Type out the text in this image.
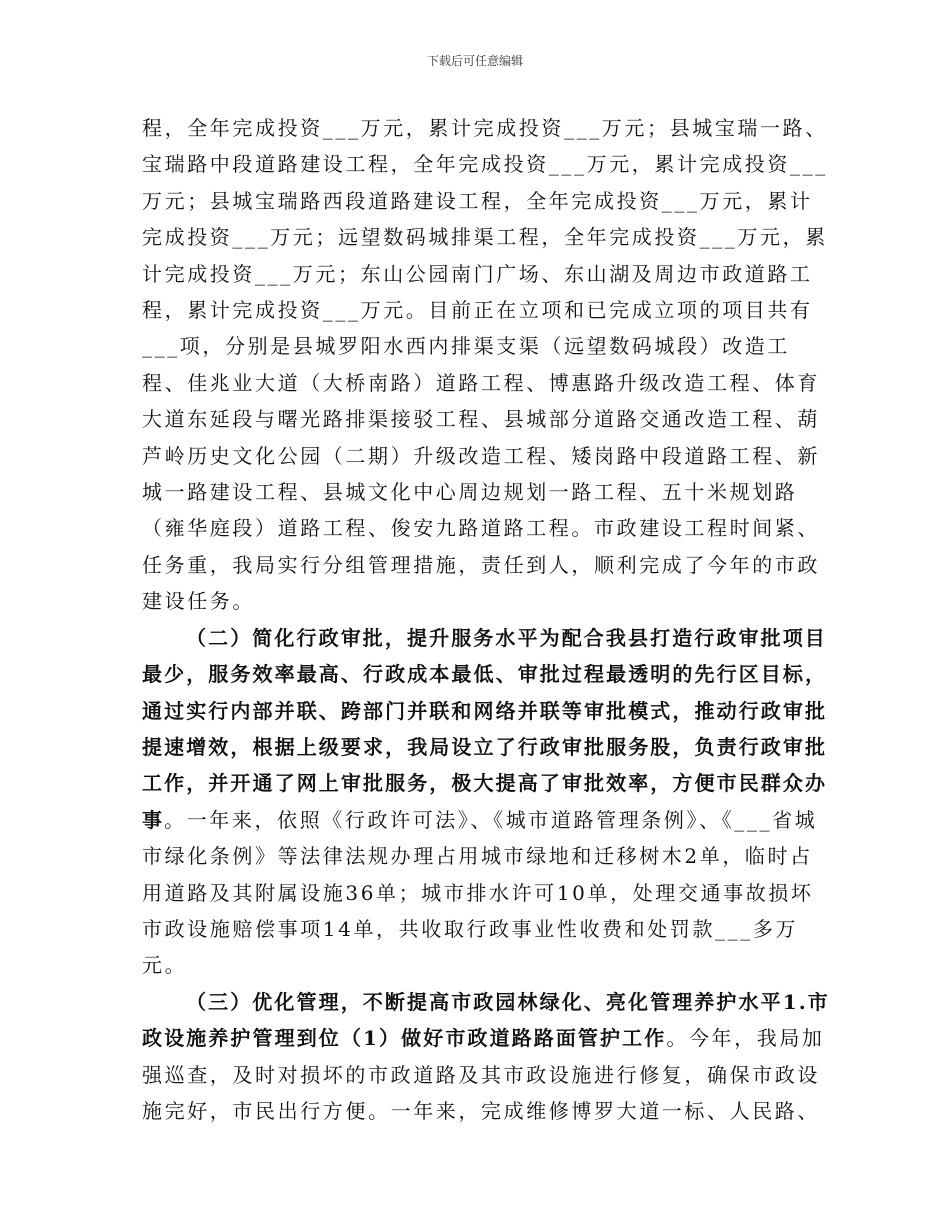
下载后可任意编辑

程，全年完成投资___万元，累计完成投资___万元；县城宝瑞一路、宝瑞路中段道路建设工程，全年完成投资___万元，累计完成投资___万元；县城宝瑞路西段道路建设工程，全年完成投资___万元，累计完成投资___万元；远望数码城排渠工程，全年完成投资___万元，累计完成投资___万元；东山公园南门广场、东山湖及周边市政道路工程，累计完成投资___万元。目前正在立项和已完成立项的项目共有___项，分别是县城罗阳水西内排渠支渠（远望数码城段）改造工程、佳兆业大道（大桥南路）道路工程、博惠路升级改造工程、体育大道东延段与曙光路排渠接驳工程、县城部分道路交通改造工程、葫芦岭历史文化公园（二期）升级改造工程、矮岗路中段道路工程、新城一路建设工程、县城文化中心周边规划一路工程、五十米规划路（雍华庭段）道路工程、俊安九路道路工程。市政建设工程时间紧、任务重，我局实行分组管理措施，责任到人，顺利完成了今年的市政建设任务。

（二）简化行政审批，提升服务水平为配合我县打造行政审批项目最少，服务效率最高、行政成本最低、审批过程最透明的先行区目标，通过实行内部并联、跨部门并联和网络并联等审批模式，推动行政审批提速增效，根据上级要求，我局设立了行政审批服务股，负责行政审批工作，并开通了网上审批服务，极大提高了审批效率，方便市民群众办事。一年来，依照《行政许可法》、《城市道路管理条例》、《___省城市绿化条例》等法律法规办理占用城市绿地和迁移树木2单，临时占用道路及其附属设施36单；城市排水许可10单，处理交通事故损坏市政设施赔偿事项14单，共收取行政事业性收费和处罚款___多万元。

（三）优化管理，不断提高市政园林绿化、亮化管理养护水平1.市政设施养护管理到位（1）做好市政道路路面管护工作。今年，我局加强巡查，及时对损坏的市政道路及其市政设施进行修复，确保市政设施完好，市民出行方便。一年来，完成维修博罗大道一标、人民路、
